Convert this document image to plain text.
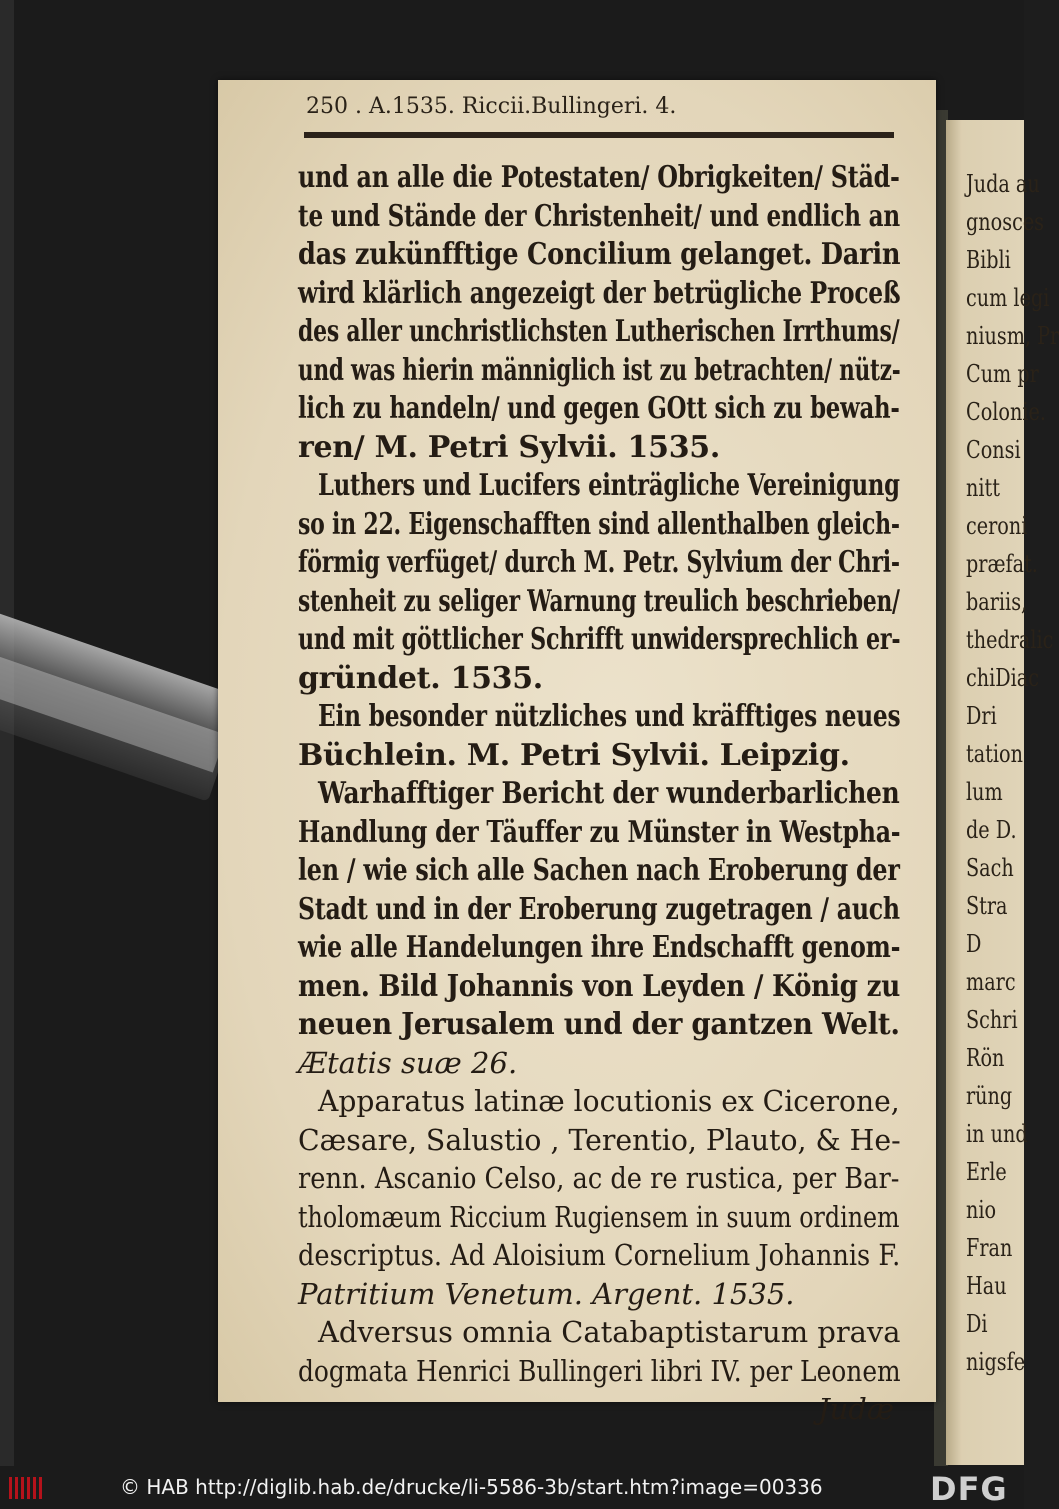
Juda au
gnosces
Bibli
cum legi
niusm, Pr
Cum pr
Colonie.
Consi
nitt
ceroni
præfat.
bariis,
thedralic
chiDiac
Dri
tation
lum
de D.
Sach
Stra
D
marc
Schri
Rön
rüng
in und
Erle
nio
Fran
Hau
Di
nigsfe
250 . A.1535. Riccii.Bullingeri. 4.
und an alle die Potestaten/ Obrigkeiten/ Städ-
te und Stände der Christenheit/ und endlich an
das zukünfftige Concilium gelanget. Darin
wird klärlich angezeigt der betrügliche Proceß
des aller unchristlichsten Lutherischen Irrthums/
und was hierin männiglich ist zu betrachten/ nütz-
lich zu handeln/ und gegen GOtt sich zu bewah-
ren/ M. Petri Sylvii. 1535.
Luthers und Lucifers einträgliche Vereinigung
so in 22. Eigenschafften sind allenthalben gleich-
förmig verfüget/ durch M. Petr. Sylvium der Chri-
stenheit zu seliger Warnung treulich beschrieben/
und mit göttlicher Schrifft unwidersprechlich er-
gründet. 1535.
Ein besonder nützliches und kräfftiges neues
Büchlein. M. Petri Sylvii. Leipzig.
Warhafftiger Bericht der wunderbarlichen
Handlung der Täuffer zu Münster in Westpha-
len / wie sich alle Sachen nach Eroberung der
Stadt und in der Eroberung zugetragen / auch
wie alle Handelungen ihre Endschafft genom-
men. Bild Johannis von Leyden / König zu
neuen Jerusalem und der gantzen Welt.
Ætatis suæ 26.
Apparatus latinæ locutionis ex Cicerone,
Cæsare, Salustio , Terentio, Plauto, & He-
renn. Ascanio Celso, ac de re rustica, per Bar-
tholomæum Riccium Rugiensem in suum ordinem
descriptus. Ad Aloisium Cornelium Johannis F.
Patritium Venetum. Argent. 1535.
Adversus omnia Catabaptistarum prava
dogmata Henrici Bullingeri libri IV. per Leonem
Judæ
© HAB http://diglib.hab.de/drucke/li-5586-3b/start.htm?image=00336	DFG
